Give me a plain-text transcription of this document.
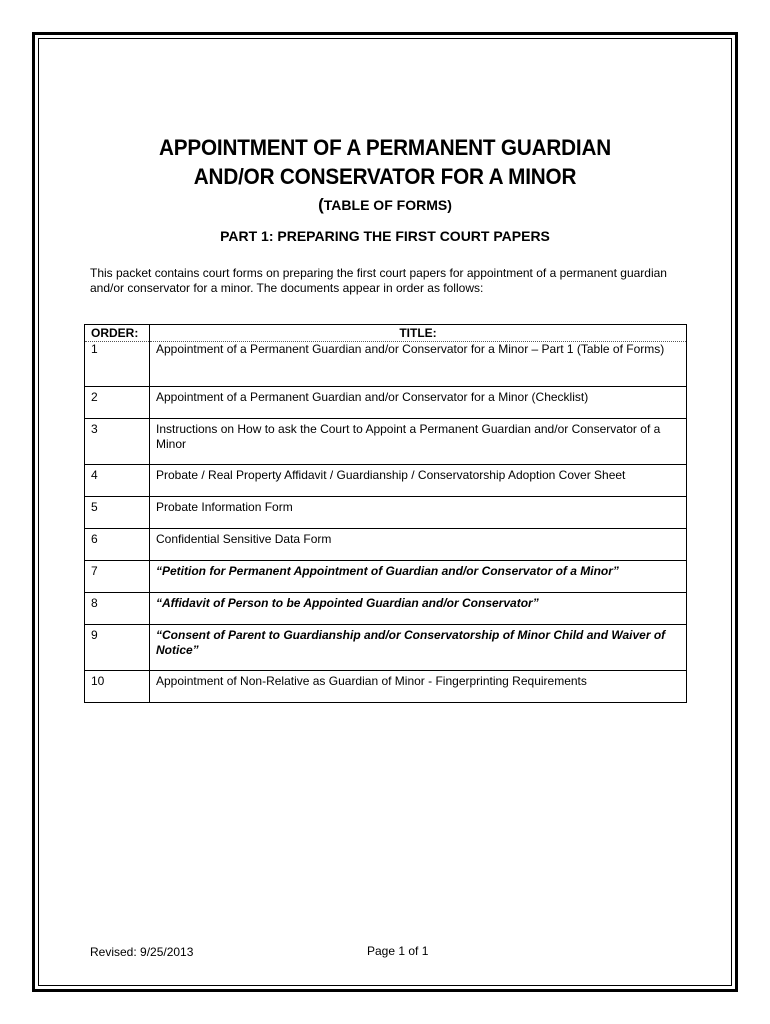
APPOINTMENT OF A PERMANENT GUARDIAN
AND/OR CONSERVATOR FOR A MINOR
(TABLE OF FORMS)
PART 1: PREPARING THE FIRST COURT PAPERS
This packet contains court forms on preparing the first court papers for appointment of a permanent guardian and/or conservator for a minor. The documents appear in order as follows:
ORDER:	TITLE:
1	Appointment of a Permanent Guardian and/or Conservator for a Minor – Part 1 (Table of Forms)
2	Appointment of a Permanent Guardian and/or Conservator for a Minor (Checklist)
3	Instructions on How to ask the Court to Appoint a Permanent Guardian and/or Conservator of a Minor
4	Probate / Real Property Affidavit / Guardianship / Conservatorship Adoption Cover Sheet
5	Probate Information Form
6	Confidential Sensitive Data Form
7	“Petition for Permanent Appointment of Guardian and/or Conservator of a Minor”
8	“Affidavit of Person to be Appointed Guardian and/or Conservator”
9	“Consent of Parent to Guardianship and/or Conservatorship of Minor Child and Waiver of Notice”
10	Appointment of Non-Relative as Guardian of Minor - Fingerprinting Requirements
Revised: 9/25/2013	Page 1 of 1
